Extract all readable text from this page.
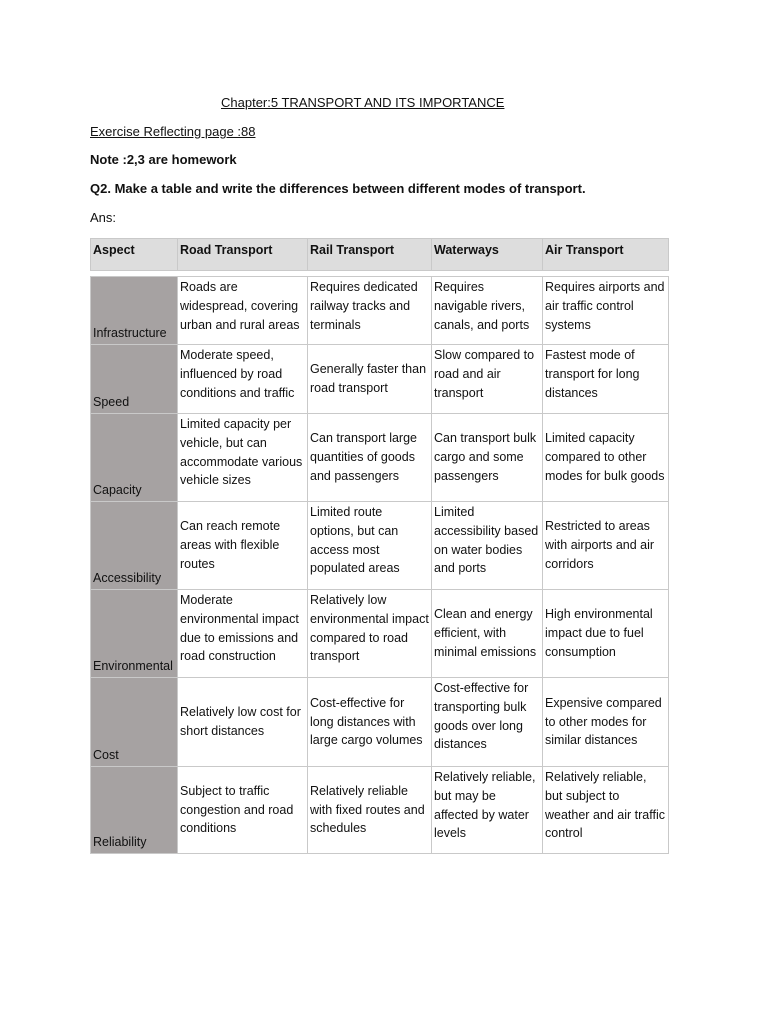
Chapter:5 TRANSPORT AND ITS IMPORTANCE
Exercise Reflecting page :88
Note :2,3 are homework
Q2. Make a table and write the differences between different modes of transport.
Ans:
Aspect	Road Transport	Rail Transport	Waterways	Air Transport

Infrastructure	Roads are widespread, covering urban and rural areas	Requires dedicated railway tracks and terminals	Requires navigable rivers, canals, and ports	Requires airports and air traffic control systems
Speed	Moderate speed, influenced by road conditions and traffic	Generally faster than road transport	Slow compared to road and air transport	Fastest mode of transport for long distances
Capacity	Limited capacity per vehicle, but can accommodate various vehicle sizes	Can transport large quantities of goods and passengers	Can transport bulk cargo and some passengers	Limited capacity compared to other modes for bulk goods
Accessibility	Can reach remote areas with flexible routes	Limited route options, but can access most populated areas	Limited accessibility based on water bodies and ports	Restricted to areas with airports and air corridors
Environmental	Moderate environmental impact due to emissions and road construction	Relatively low environmental impact compared to road transport	Clean and energy efficient, with minimal emissions	High environmental impact due to fuel consumption
Cost	Relatively low cost for short distances	Cost-effective for long distances with large cargo volumes	Cost-effective for transporting bulk goods over long distances	Expensive compared to other modes for similar distances
Reliability	Subject to traffic congestion and road conditions	Relatively reliable with fixed routes and schedules	Relatively reliable, but may be affected by water levels	Relatively reliable, but subject to weather and air traffic control
